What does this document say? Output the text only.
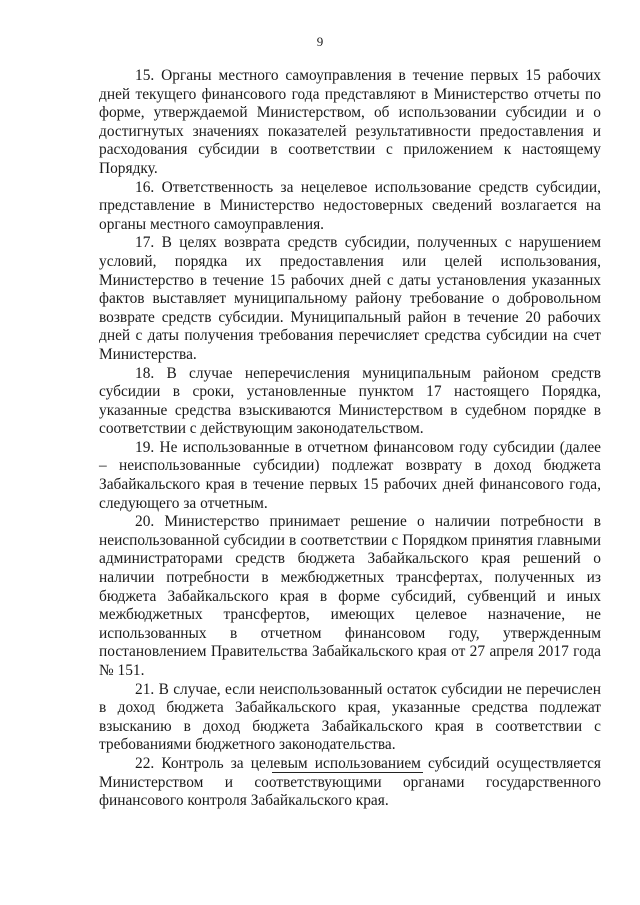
9

15. Органы местного самоуправления в течение первых 15 рабочих дней текущего финансового года представляют в Министерство отчеты по форме, утверждаемой Министерством, об использовании субсидии и о достигнутых значениях показателей результативности предоставления и расходования субсидии в соответствии с приложением к настоящему Порядку.

16. Ответственность за нецелевое использование средств субсидии, представление в Министерство недостоверных сведений возлагается на органы местного самоуправления.

17. В целях возврата средств субсидии, полученных с нарушением условий, порядка их предоставления или целей использования, Министерство в течение 15 рабочих дней с даты установления указанных фактов выставляет муниципальному району требование о добровольном возврате средств субсидии. Муниципальный район в течение 20 рабочих дней с даты получения требования перечисляет средства субсидии на счет Министерства.

18. В случае неперечисления муниципальным районом средств субсидии в сроки, установленные пунктом 17 настоящего Порядка, указанные средства взыскиваются Министерством в судебном порядке в соответствии с действующим законодательством.

19. Не использованные в отчетном финансовом году субсидии (далее – неиспользованные субсидии) подлежат возврату в доход бюджета Забайкальского края в течение первых 15 рабочих дней финансового года, следующего за отчетным.

20. Министерство принимает решение о наличии потребности в неиспользованной субсидии в соответствии с Порядком принятия главными администраторами средств бюджета Забайкальского края решений о наличии потребности в межбюджетных трансфертах, полученных из бюджета Забайкальского края в форме субсидий, субвенций и иных межбюджетных трансфертов, имеющих целевое назначение, не использованных в отчетном финансовом году, утвержденным постановлением Правительства Забайкальского края от 27 апреля 2017 года № 151.

21. В случае, если неиспользованный остаток субсидии не перечислен в доход бюджета Забайкальского края, указанные средства подлежат взысканию в доход бюджета Забайкальского края в соответствии с требованиями бюджетного законодательства.

22. Контроль за целевым использованием субсидий осуществляется Министерством и соответствующими органами государственного финансового контроля Забайкальского края.
